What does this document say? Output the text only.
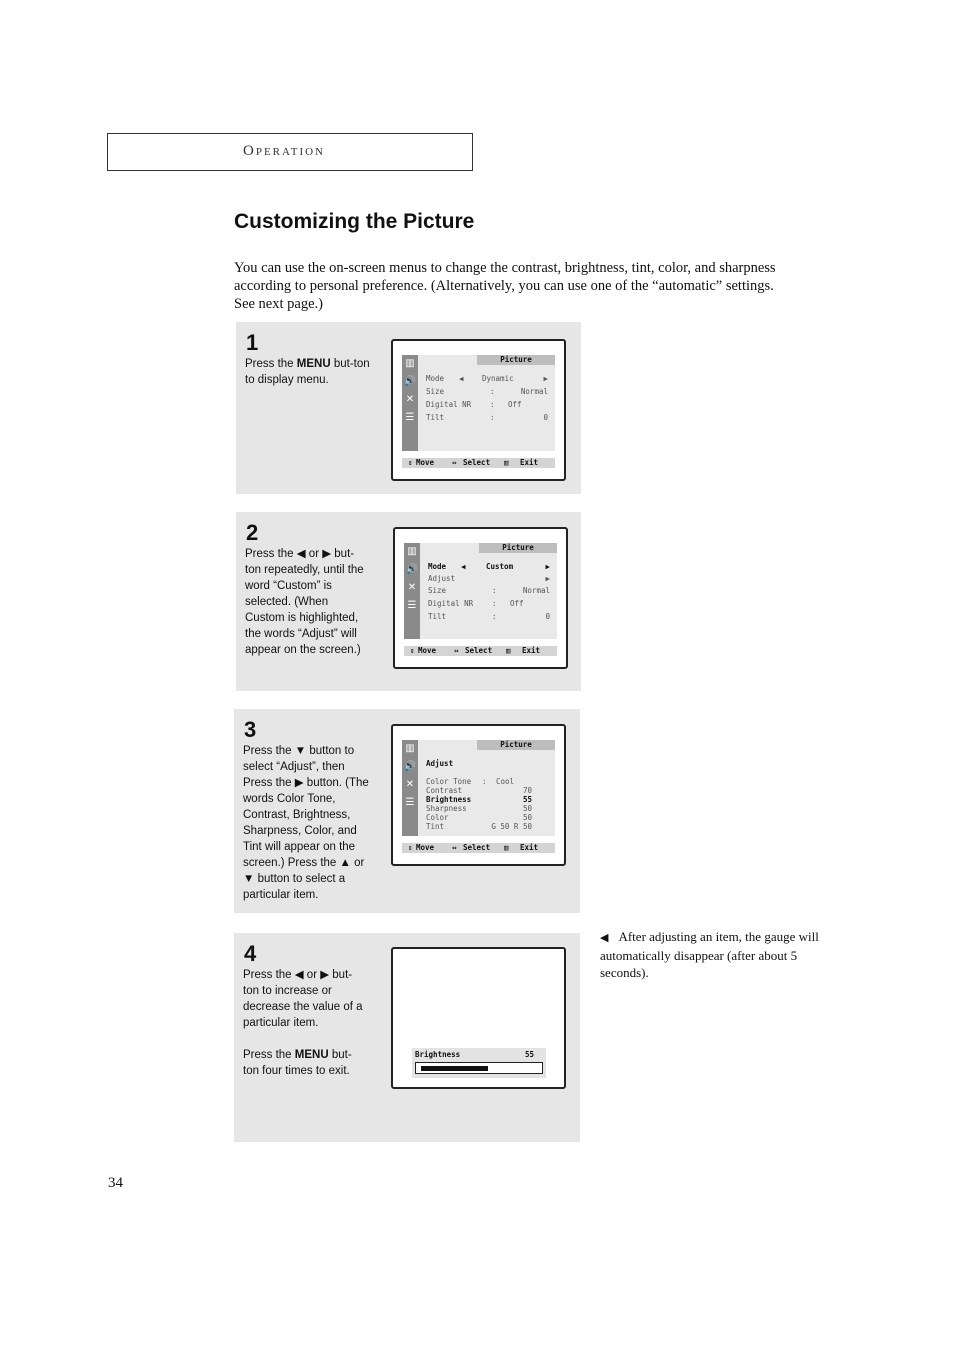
Operation
Customizing the Picture
You can use the on-screen menus to change the contrast, brightness, tint, color, and sharpness according to personal preference. (Alternatively, you can use one of the “automatic” settings. See next page.)
1
Press the MENU but-ton to display menu.
▥
🔊
✕
☰
Picture
Mode ◀ Dynamic	▶
Size	:	Normal
Digital NR	: Off
Tilt	:	0

⇕ Move

⇔ Select

▥ Exit

2
Press the ◀ or ▶ but-ton repeatedly, until the word “Custom” is selected. (When Custom is highlighted, the words “Adjust” will appear on the screen.)
▥
🔊
✕
☰
Picture
Mode ◀	Custom	▶
Adjust	▶
Size	:	Normal
Digital NR	: Off
Tilt	:	0

⇕ Move

⇔ Select

▥ Exit

3
Press the ▼ button to select “Adjust”, then Press the ▶ button. (The words Color Tone, Contrast, Brightness, Sharpness, Color, and Tint will appear on the screen.) Press the ▲ or ▼ button to select a particular item.
▥
🔊
✕
☰
Picture
Adjust
Color Tone : Cool
Contrast	70
Brightness	55
Sharpness	50
Color	50
Tint	G 50 R 50

⇕ Move

⇔ Select

▥ Exit

4
Press the ◀ or ▶ but-ton to increase or decrease the value of a particular item.
Press the MENU but-ton four times to exit.
Brightness	55
◀ After adjusting an item, the gauge will automatically disappear (after about 5 seconds).
34
